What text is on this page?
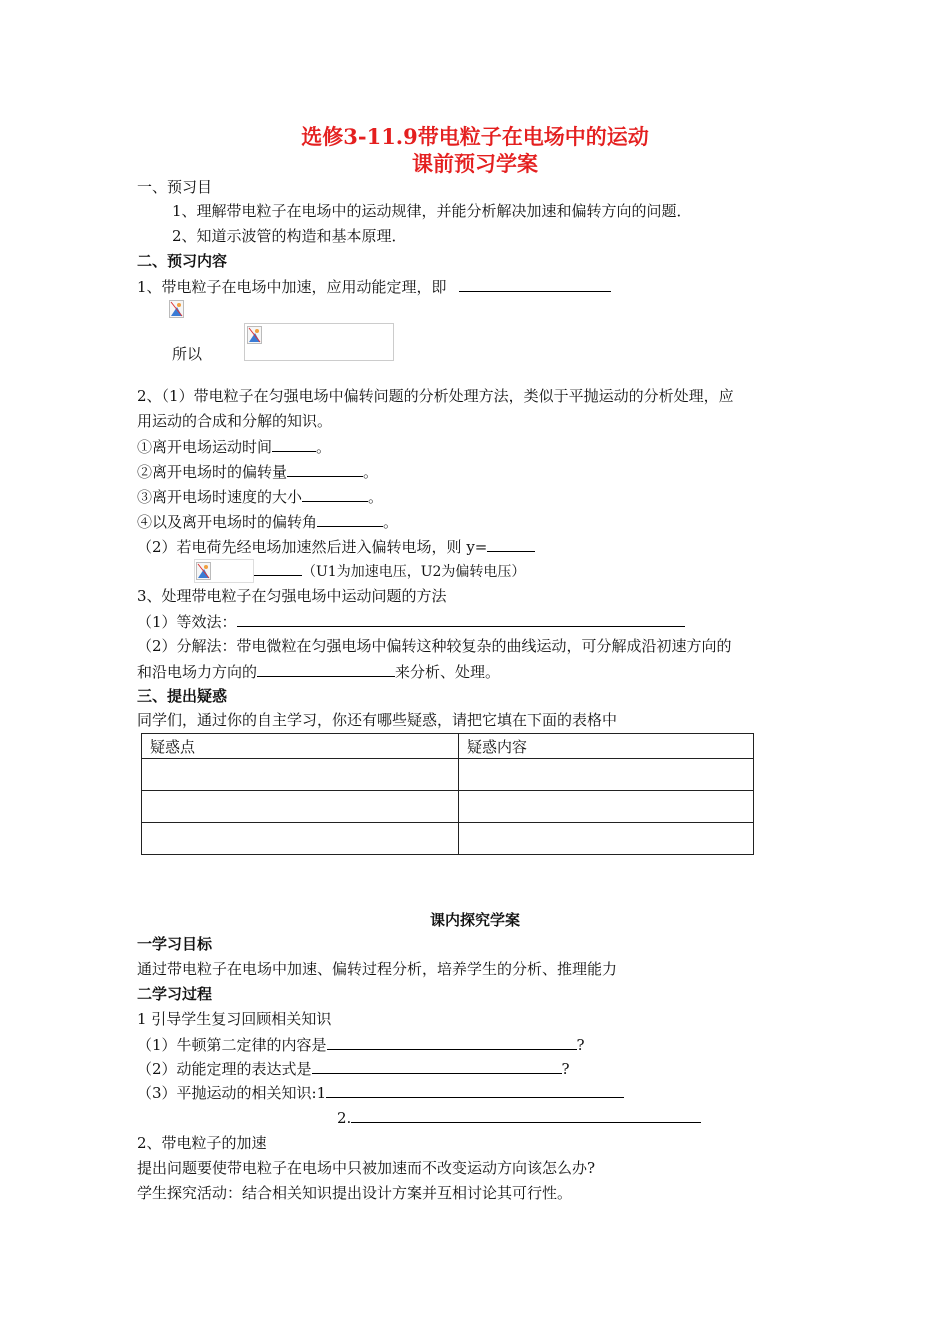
选修3-11.9带电粒子在电场中的运动
课前预习学案
一、预习目
1、理解带电粒子在电场中的运动规律，并能分析解决加速和偏转方向的问题．
2、知道示波管的构造和基本原理．
二、预习内容
1、带电粒子在电场中加速，应用动能定理，即
所以
2、（1）带电粒子在匀强电场中偏转问题的分析处理方法，类似于平抛运动的分析处理，应
用运动的合成和分解的知识。
①离开电场运动时间	。
②离开电场时的偏转量	。
③离开电场时速度的大小	。
④以及离开电场时的偏转角	。
（2）若电荷先经电场加速然后进入偏转电场，则 y=
（U1为加速电压，U2为偏转电压）
3、处理带电粒子在匀强电场中运动问题的方法
（1）等效法：
（2）分解法：带电微粒在匀强电场中偏转这种较复杂的曲线运动，可分解成沿初速方向的
和沿电场力方向的	来分析、处理。
三、提出疑惑
同学们，通过你的自主学习，你还有哪些疑惑，请把它填在下面的表格中
疑惑点	疑惑内容

课内探究学案
一学习目标
通过带电粒子在电场中加速、偏转过程分析，培养学生的分析、推理能力
二学习过程
1 引导学生复习回顾相关知识
（1）牛顿第二定律的内容是	?
（2）动能定理的表达式是	?
（3）平抛运动的相关知识:1
2.
2、带电粒子的加速
提出问题要使带电粒子在电场中只被加速而不改变运动方向该怎么办?
学生探究活动：结合相关知识提出设计方案并互相讨论其可行性。
